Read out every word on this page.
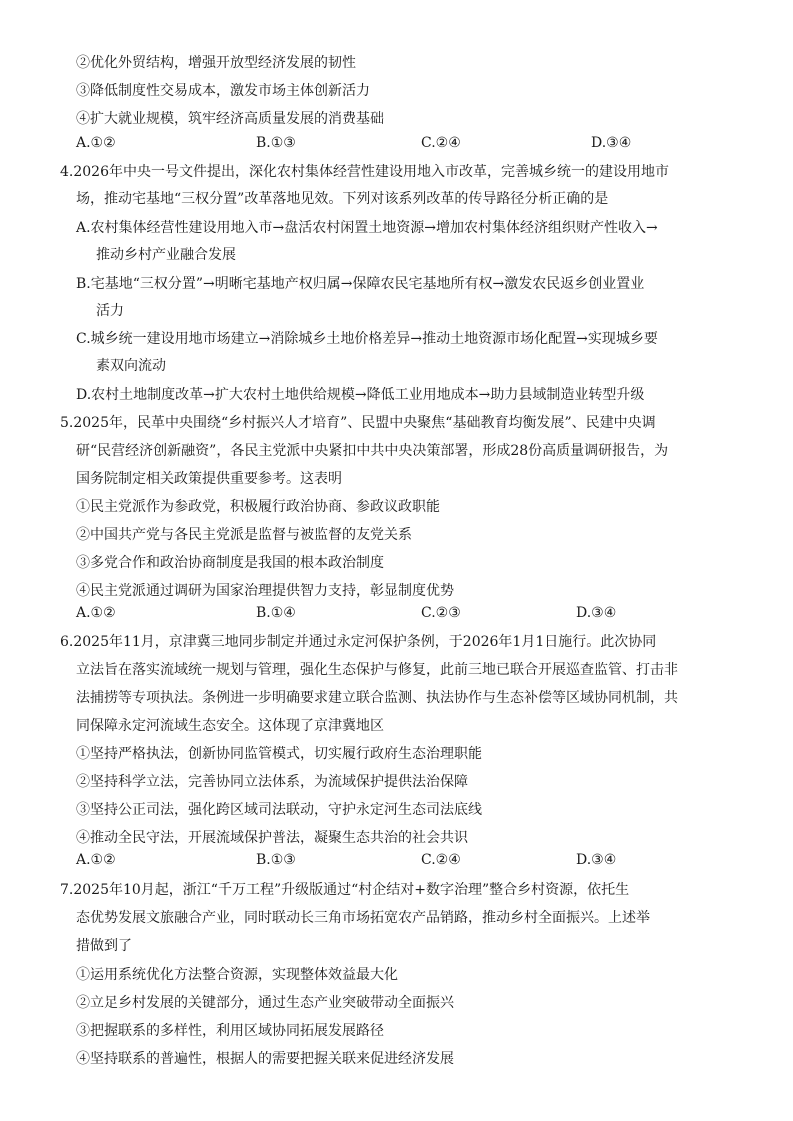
②优化外贸结构，增强开放型经济发展的韧性
③降低制度性交易成本，激发市场主体创新活力
④扩大就业规模，筑牢经济高质量发展的消费基础
A.①②	B.①③	C.②④	D.③④
4.2026年中央一号文件提出，深化农村集体经营性建设用地入市改革，完善城乡统一的建设用地市
场，推动宅基地“三权分置”改革落地见效。下列对该系列改革的传导路径分析正确的是
A.农村集体经营性建设用地入市→盘活农村闲置土地资源→增加农村集体经济组织财产性收入→
推动乡村产业融合发展
B.宅基地“三权分置”→明晰宅基地产权归属→保障农民宅基地所有权→激发农民返乡创业置业
活力
C.城乡统一建设用地市场建立→消除城乡土地价格差异→推动土地资源市场化配置→实现城乡要
素双向流动
D.农村土地制度改革→扩大农村土地供给规模→降低工业用地成本→助力县域制造业转型升级
5.2025年，民革中央围绕“乡村振兴人才培育”、民盟中央聚焦“基础教育均衡发展”、民建中央调
研“民营经济创新融资”，各民主党派中央紧扣中共中央决策部署，形成28份高质量调研报告，为
国务院制定相关政策提供重要参考。这表明
①民主党派作为参政党，积极履行政治协商、参政议政职能
②中国共产党与各民主党派是监督与被监督的友党关系
③多党合作和政治协商制度是我国的根本政治制度
④民主党派通过调研为国家治理提供智力支持，彰显制度优势
A.①②	B.①④	C.②③	D.③④
6.2025年11月，京津冀三地同步制定并通过永定河保护条例，于2026年1月1日施行。此次协同
立法旨在落实流域统一规划与管理，强化生态保护与修复，此前三地已联合开展巡查监管、打击非
法捕捞等专项执法。条例进一步明确要求建立联合监测、执法协作与生态补偿等区域协同机制，共
同保障永定河流域生态安全。这体现了京津冀地区
①坚持严格执法，创新协同监管模式，切实履行政府生态治理职能
②坚持科学立法，完善协同立法体系，为流域保护提供法治保障
③坚持公正司法，强化跨区域司法联动，守护永定河生态司法底线
④推动全民守法，开展流域保护普法，凝聚生态共治的社会共识
A.①②	B.①③	C.②④	D.③④
7.2025年10月起，浙江“千万工程”升级版通过“村企结对+数字治理”整合乡村资源，依托生
态优势发展文旅融合产业，同时联动长三角市场拓宽农产品销路，推动乡村全面振兴。上述举
措做到了
①运用系统优化方法整合资源，实现整体效益最大化
②立足乡村发展的关键部分，通过生态产业突破带动全面振兴
③把握联系的多样性，利用区域协同拓展发展路径
④坚持联系的普遍性，根据人的需要把握关联来促进经济发展
